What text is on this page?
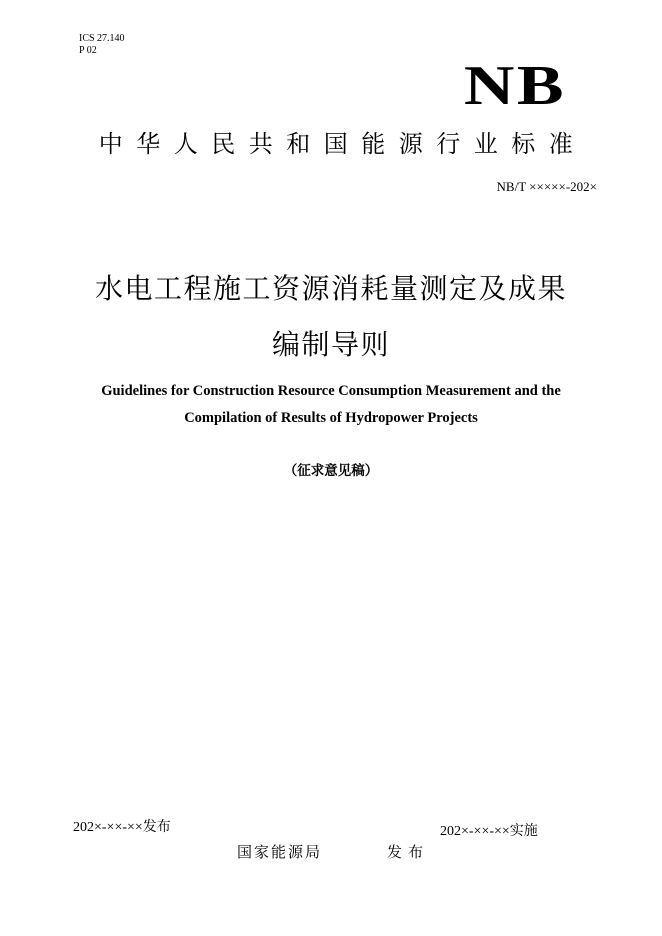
ICS 27.140
P 02
NB
中华人民共和国能源行业标准
NB/T ×××××-202×
水电工程施工资源消耗量测定及成果
编制导则
Guidelines for Construction Resource Consumption Measurement and the
Compilation of Results of Hydropower Projects
（征求意见稿）
202×-××-××发布	202×-××-××实施
国家能源局	发布
